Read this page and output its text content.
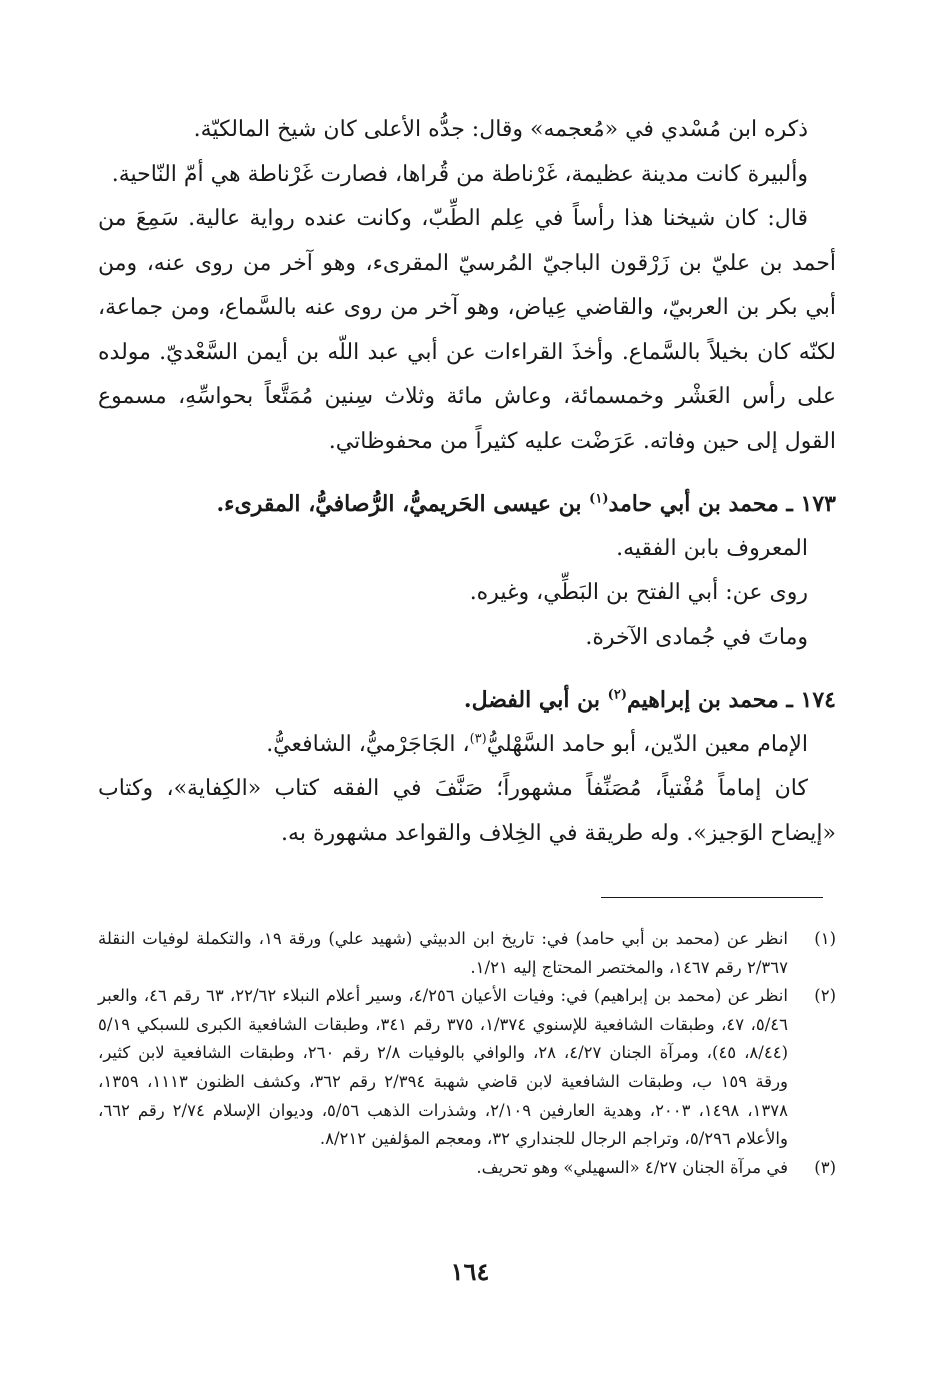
ذكره ابن مُسْدي في «مُعجمه» وقال: جدُّه الأعلى كان شيخ المالكيّة.

وألبيرة كانت مدينة عظيمة، غَرْناطة من قُراها، فصارت غَرْناطة هي أمّ النّاحية.

قال: كان شيخنا هذا رأساً في عِلم الطِّبّ، وكانت عنده رواية عالية. سَمِعَ من أحمد بن عليّ بن زَرْقون الباجيّ المُرسيّ المقرىء، وهو آخر من روى عنه، ومن أبي بكر بن العربيّ، والقاضي عِياض، وهو آخر من روى عنه بالسَّماع، ومن جماعة، لكنّه كان بخيلاً بالسَّماع. وأخذَ القراءات عن أبي عبد اللّه بن أيمن السَّعْديّ. مولده على رأس العَشْر وخمسمائة، وعاش مائة وثلاث سِنين مُمَتَّعاً بحواسِّهِ، مسموع القول إلى حين وفاته. عَرَضْت عليه كثيراً من محفوظاتي.

١٧٣ ـ محمد بن أبي حامد$^{(١)}$ بن عيسى الحَريميُّ، الرُّصافيُّ، المقرىء.

المعروف بابن الفقيه.

روى عن: أبي الفتح بن البَطِّي، وغيره.

وماتَ في جُمادى الآخرة.

١٧٤ ـ محمد بن إبراهيم$^{(٢)}$ بن أبي الفضل.

الإمام معين الدّين، أبو حامد السَّهْليُّ$^{(٣)}$، الجَاجَرْميُّ، الشافعيُّ.

كان إماماً مُفْتياً، مُصَنِّفاً مشهوراً؛ صَنَّفَ في الفقه كتاب «الكِفاية»، وكتاب «إيضاح الوَجيز». وله طريقة في الخِلاف والقواعد مشهورة به.

(١)
انظر عن (محمد بن أبي حامد) في: تاريخ ابن الدبيثي (شهيد علي) ورقة ١٩، والتكملة لوفيات النقلة ٢/٣٦٧ رقم ١٤٦٧، والمختصر المحتاج إليه ١/٢١.
(٢)
انظر عن (محمد بن إبراهيم) في: وفيات الأعيان ٤/٢٥٦، وسير أعلام النبلاء ٢٢/٦٢، ٦٣ رقم ٤٦، والعبر ٥/٤٦، ٤٧، وطبقات الشافعية للإسنوي ١/٣٧٤، ٣٧٥ رقم ٣٤١، وطبقات الشافعية الكبرى للسبكي ٥/١٩ (٨/٤٤، ٤٥)، ومرآة الجنان ٤/٢٧، ٢٨، والوافي بالوفيات ٢/٨ رقم ٢٦٠، وطبقات الشافعية لابن كثير، ورقة ١٥٩ ب، وطبقات الشافعية لابن قاضي شهبة ٢/٣٩٤ رقم ٣٦٢، وكشف الظنون ١١١٣، ١٣٥٩، ١٣٧٨، ١٤٩٨، ٢٠٠٣، وهدية العارفين ٢/١٠٩، وشذرات الذهب ٥/٥٦، وديوان الإسلام ٢/٧٤ رقم ٦٦٢، والأعلام ٥/٢٩٦، وتراجم الرجال للجنداري ٣٢، ومعجم المؤلفين ٨/٢١٢.
(٣)
في مرآة الجنان ٤/٢٧ «السهيلي» وهو تحريف.
١٦٤
